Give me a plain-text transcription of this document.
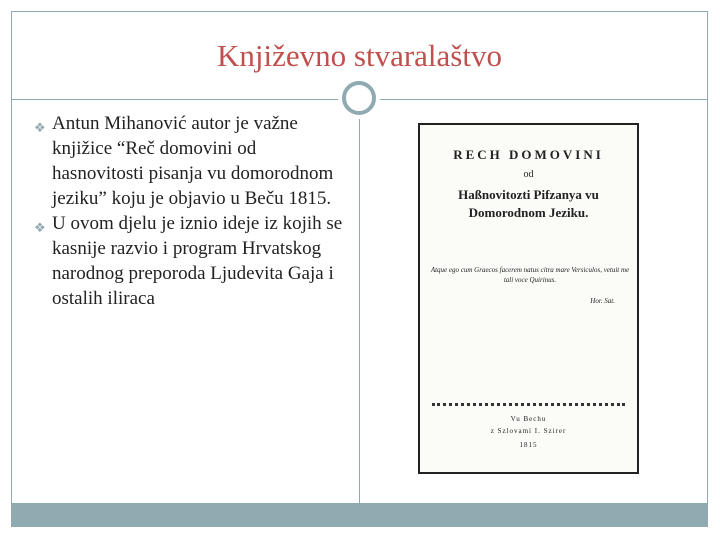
Književno stvaralaštvo
❖ Antun Mihanović autor je važne knjižice “Reč domovini od hasnovitosti pisanja vu domorodnom jeziku” koju je objavio u Beču 1815.
❖ U ovom djelu je iznio ideje iz kojih se kasnije razvio i program Hrvatskog narodnog preporoda Ljudevita Gaja i ostalih iliraca
RECH DOMOVINI
od
Haßnovitozti Pifzanya vu
Domorodnom Jeziku.
Atque ego cum Graecos facerem natus citra mare Versiculos, vetuit me tali voce Quirinus.
Hor. Sat.
Vu Bechu
z Szlovami I. Szirer
1815
